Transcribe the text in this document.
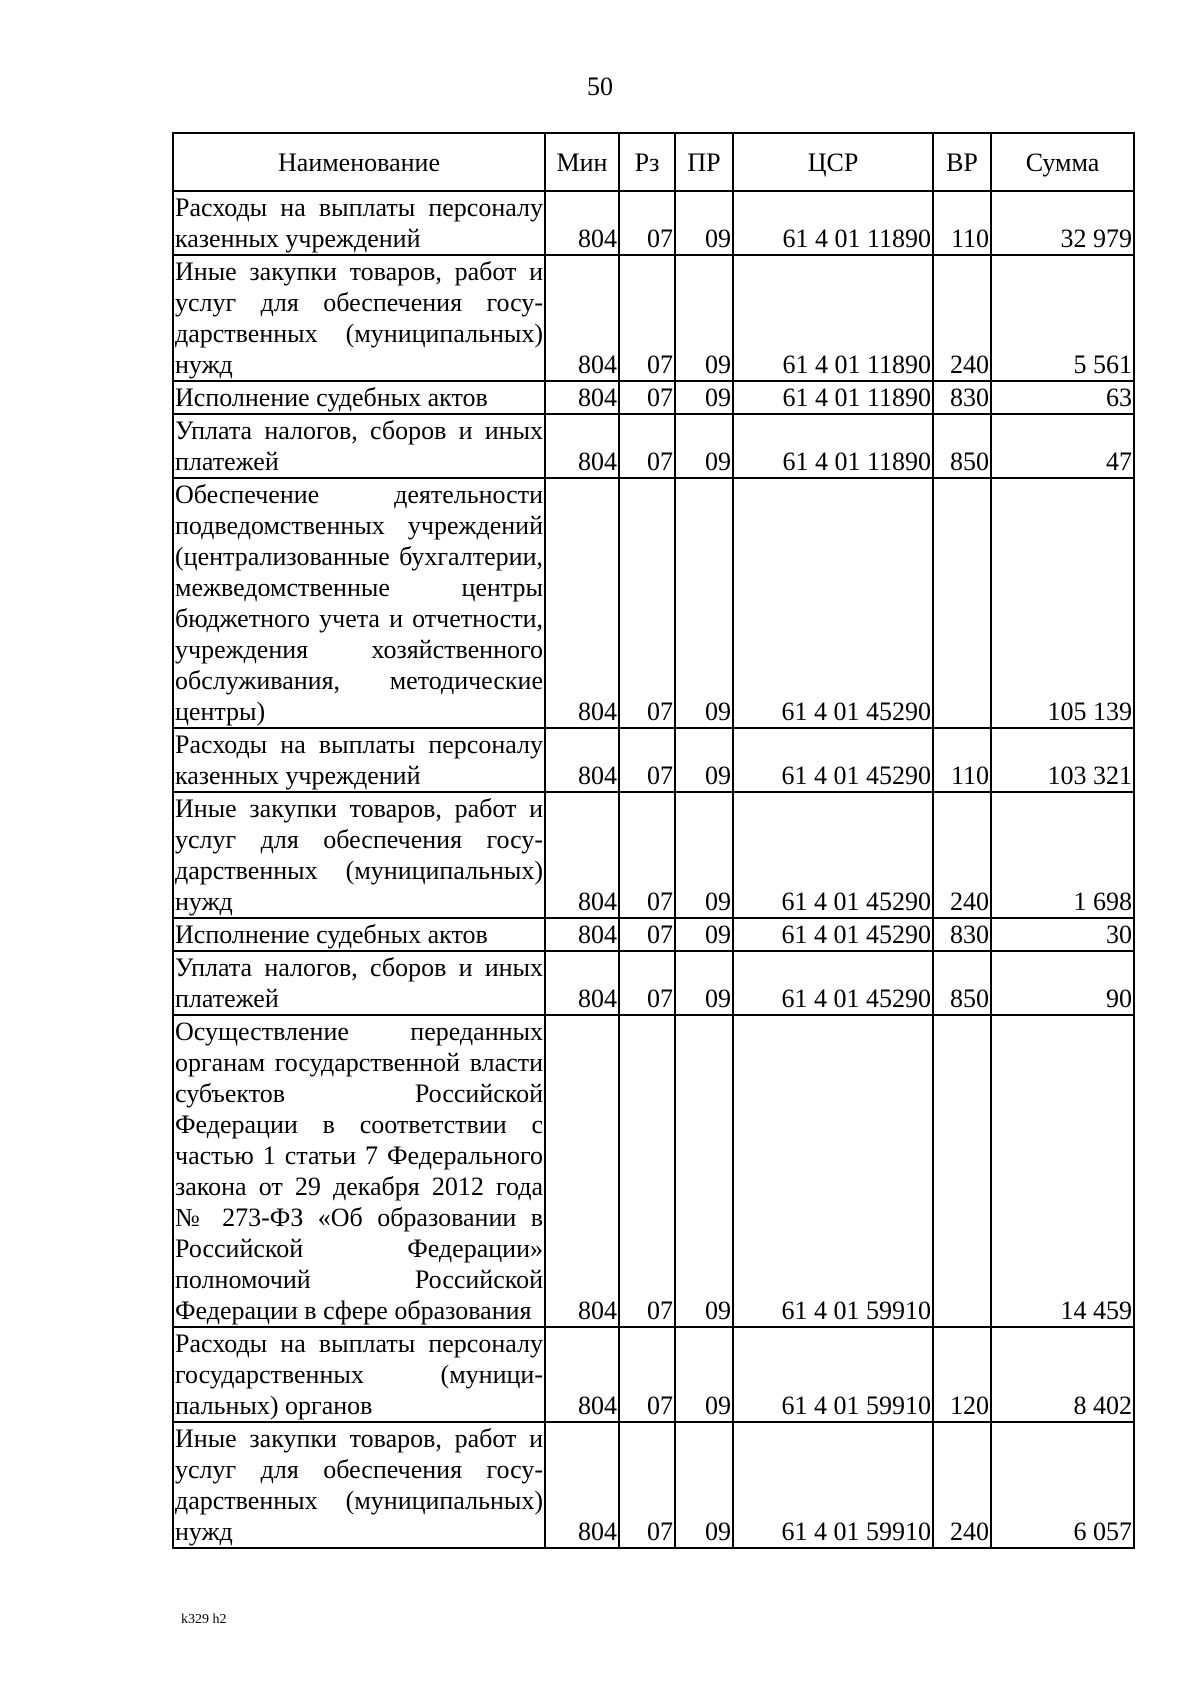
50
Наименование	Мин	Рз	ПР	ЦСР	ВР	Сумма
Расходы на выплаты персоналу казенных учреждений	804	07	09	61 4 01 11890	110	32 979
Иные закупки товаров, работ и услуг для обеспечения государственных (муниципальных) нужд	804	07	09	61 4 01 11890	240	5 561
Исполнение судебных актов	804	07	09	61 4 01 11890	830	63
Уплата налогов, сборов и иных платежей	804	07	09	61 4 01 11890	850	47
Обеспечение деятельности подведомственных учреждений (централизованные бухгалтерии, межведомственные центры бюджетного учета и отчетности, учреждения хозяйственного обслуживания, методические центры)	804	07	09	61 4 01 45290		105 139
Расходы на выплаты персоналу казенных учреждений	804	07	09	61 4 01 45290	110	103 321
Иные закупки товаров, работ и услуг для обеспечения государственных (муниципальных) нужд	804	07	09	61 4 01 45290	240	1 698
Исполнение судебных актов	804	07	09	61 4 01 45290	830	30
Уплата налогов, сборов и иных платежей	804	07	09	61 4 01 45290	850	90
Осуществление переданных органам государственной власти субъектов Российской Федерации в соответствии с частью 1 статьи 7 Федерального закона от 29 декабря 2012 года № 273-ФЗ «Об образовании в Российской Федерации» полномочий Российской Федерации в сфере образования	804	07	09	61 4 01 59910		14 459
Расходы на выплаты персоналу государственных (муниципальных) органов	804	07	09	61 4 01 59910	120	8 402
Иные закупки товаров, работ и услуг для обеспечения государственных (муниципальных) нужд	804	07	09	61 4 01 59910	240	6 057
k329 h2
